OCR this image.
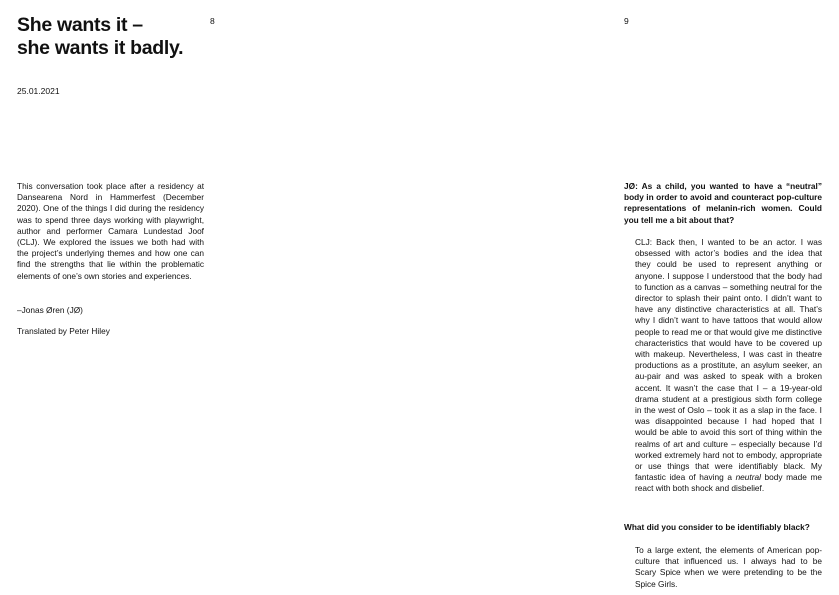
She wants it –
she wants it badly.
8
25.01.2021

This conversation took place after a residency at Dansearena Nord in Hammerfest (December 2020). One of the things I did during the residency was to spend three days working with playwright, author and performer Camara Lundestad Joof (CLJ). We explored the issues we both had with the project’s underlying themes and how one can find the strengths that lie within the problematic elements of one’s own stories and experiences.

–Jonas Øren (JØ)

Translated by Peter Hiley

9

JØ: As a child, you wanted to have a “neutral” body in order to avoid and counteract pop-culture representations of melanin-rich women. Could you tell me a bit about that?

CLJ: Back then, I wanted to be an actor. I was obsessed with actor’s bodies and the idea that they could be used to represent anything or anyone. I suppose I understood that the body had to function as a canvas – something neutral for the director to splash their paint onto. I didn’t want to have any distinctive characteristics at all. That’s why I didn’t want to have tattoos that would allow people to read me or that would give me distinctive characteristics that would have to be covered up with makeup. Nevertheless, I was cast in theatre productions as a prostitute, an asylum seeker, an au-pair and was asked to speak with a broken accent. It wasn’t the case that I – a 19-year-old drama student at a prestigious sixth form college in the west of Oslo – took it as a slap in the face. I was disappointed because I had hoped that I would be able to avoid this sort of thing within the realms of art and culture – especially because I’d worked extremely hard not to embody, appropriate or use things that were identifiably black. My fantastic idea of having a neutral body made me react with both shock and disbelief.

What did you consider to be identifiably black?

To a large extent, the elements of American pop-culture that influenced us. I always had to be Scary Spice when we were pretending to be the Spice Girls.
